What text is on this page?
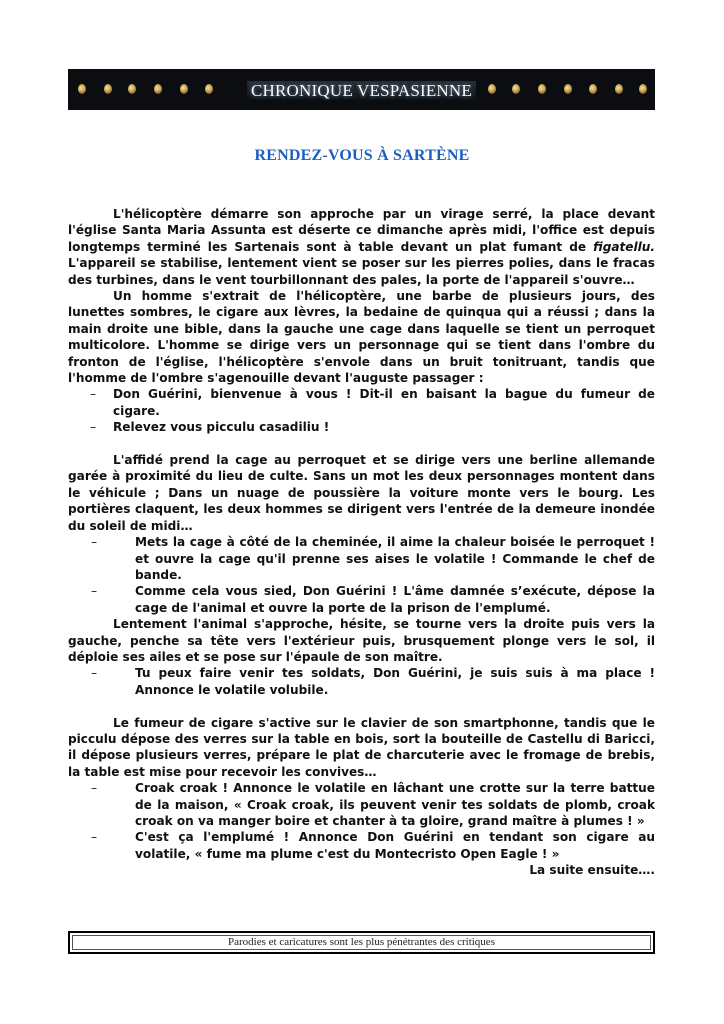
CHRONIQUE VESPASIENNE
RENDEZ-VOUS À SARTÈNE

L'hélicoptère démarre son approche par un virage serré, la place devant l'église Santa Maria Assunta est déserte ce dimanche après midi, l'office est depuis longtemps terminé les Sartenais sont à table devant un plat fumant de figatellu. L'appareil se stabilise, lentement vient se poser sur les pierres polies, dans le fracas des turbines, dans le vent tourbillonnant des pales, la porte de l'appareil s'ouvre…

Un homme s'extrait de l'hélicoptère, une barbe de plusieurs jours, des lunettes sombres, le cigare aux lèvres, la bedaine de quinqua qui a réussi ; dans la main droite une bible, dans la gauche une cage dans laquelle se tient un perroquet multicolore. L'homme se dirige vers un personnage qui se tient dans l'ombre du fronton de l'église, l'hélicoptère s'envole dans un bruit tonitruant, tandis que l'homme de l'ombre s'agenouille devant l'auguste passager :

– Don Guérini, bienvenue à vous ! Dit-il en baisant la bague du fumeur de cigare.

– Relevez vous picculu casadiliu !

L'affidé prend la cage au perroquet et se dirige vers une berline allemande garée à proximité du lieu de culte. Sans un mot les deux personnages montent dans le véhicule ; Dans un nuage de poussière la voiture monte vers le bourg. Les portières claquent, les deux hommes se dirigent vers l'entrée de la demeure inondée du soleil de midi…

– Mets la cage à côté de la cheminée, il aime la chaleur boisée le perroquet ! et ouvre la cage qu'il prenne ses aises le volatile ! Commande le chef de bande.

– Comme cela vous sied, Don Guérini ! L'âme damnée s’exécute, dépose la cage de l'animal et ouvre la porte de la prison de l'emplumé.

Lentement l'animal s'approche, hésite, se tourne vers la droite puis vers la gauche, penche sa tête vers l'extérieur puis, brusquement plonge vers le sol, il déploie ses ailes et se pose sur l'épaule de son maître.

– Tu peux faire venir tes soldats, Don Guérini, je suis suis à ma place ! Annonce le volatile volubile.

Le fumeur de cigare s'active sur le clavier de son smartphonne, tandis que le picculu dépose des verres sur la table en bois, sort la bouteille de Castellu di Baricci, il dépose plusieurs verres, prépare le plat de charcuterie avec le fromage de brebis, la table est mise pour recevoir les convives…

– Croak croak ! Annonce le volatile en lâchant une crotte sur la terre battue de la maison, « Croak croak, ils peuvent venir tes soldats de plomb, croak croak on va manger boire et chanter à ta gloire, grand maître à plumes ! »

– C'est ça l'emplumé ! Annonce Don Guérini en tendant son cigare au volatile, « fume ma plume c'est du Montecristo Open Eagle ! »

La suite ensuite….
Parodies et caricatures sont les plus pénétrantes des critiques
